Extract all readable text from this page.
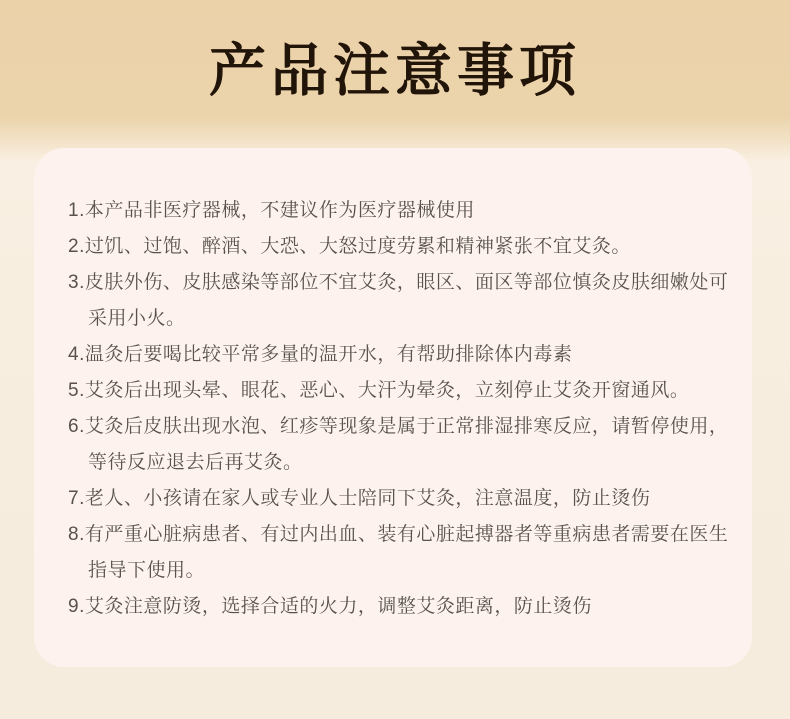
产品注意事项
1.本产品非医疗器械，不建议作为医疗器械使用
2.过饥、过饱、醉酒、大恐、大怒过度劳累和精神紧张不宜艾灸。
3.皮肤外伤、皮肤感染等部位不宜艾灸，眼区、面区等部位慎灸皮肤细嫩处可
采用小火。
4.温灸后要喝比较平常多量的温开水，有帮助排除体内毒素
5.艾灸后出现头晕、眼花、恶心、大汗为晕灸，立刻停止艾灸开窗通风。
6.艾灸后皮肤出现水泡、红疹等现象是属于正常排湿排寒反应，请暂停使用，
等待反应退去后再艾灸。
7.老人、小孩请在家人或专业人士陪同下艾灸，注意温度，防止烫伤
8.有严重心脏病患者、有过内出血、装有心脏起搏器者等重病患者需要在医生
指导下使用。
9.艾灸注意防烫，选择合适的火力，调整艾灸距离，防止烫伤
